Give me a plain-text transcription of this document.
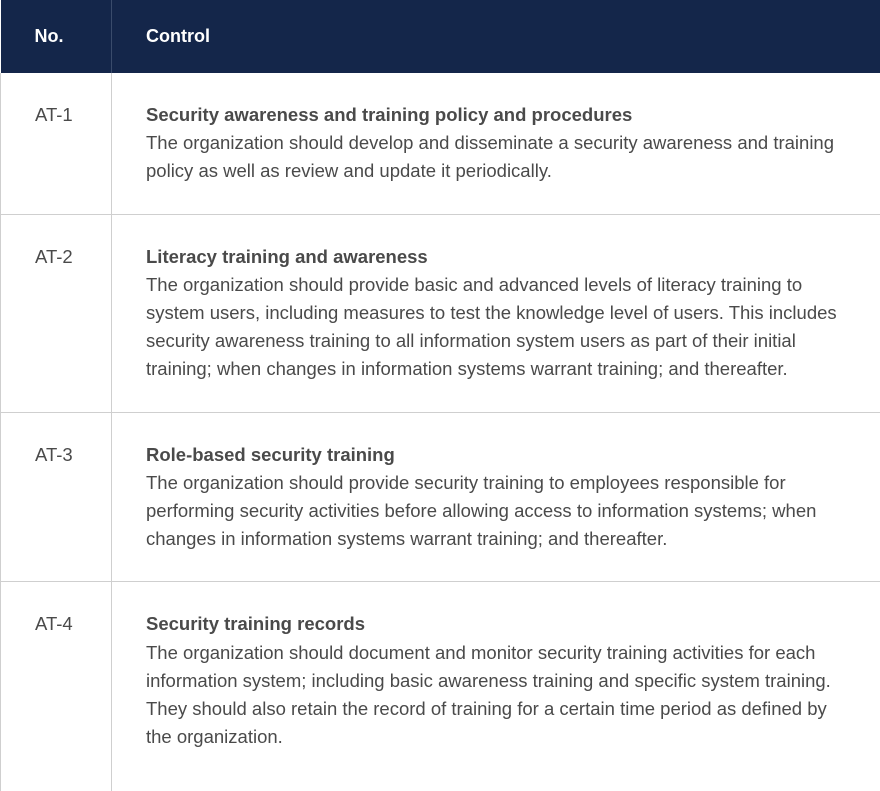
No.	Control
AT-1	Security awareness and training policy and procedures
The organization should develop and disseminate a security awareness and training policy as well as review and update it periodically.

AT-2	Literacy training and awareness
The organization should provide basic and advanced levels of literacy training to system users, including measures to test the knowledge level of users. This includes security awareness training to all information system users as part of their initial training; when changes in information systems warrant training; and thereafter.

AT-3	Role-based security training
The organization should provide security training to employees responsible for performing security activities before allowing access to information systems; when changes in information systems warrant training; and thereafter.

AT-4	Security training records
The organization should document and monitor security training activities for each information system; including basic awareness training and specific system training. They should also retain the record of training for a certain time period as defined by the organization.
